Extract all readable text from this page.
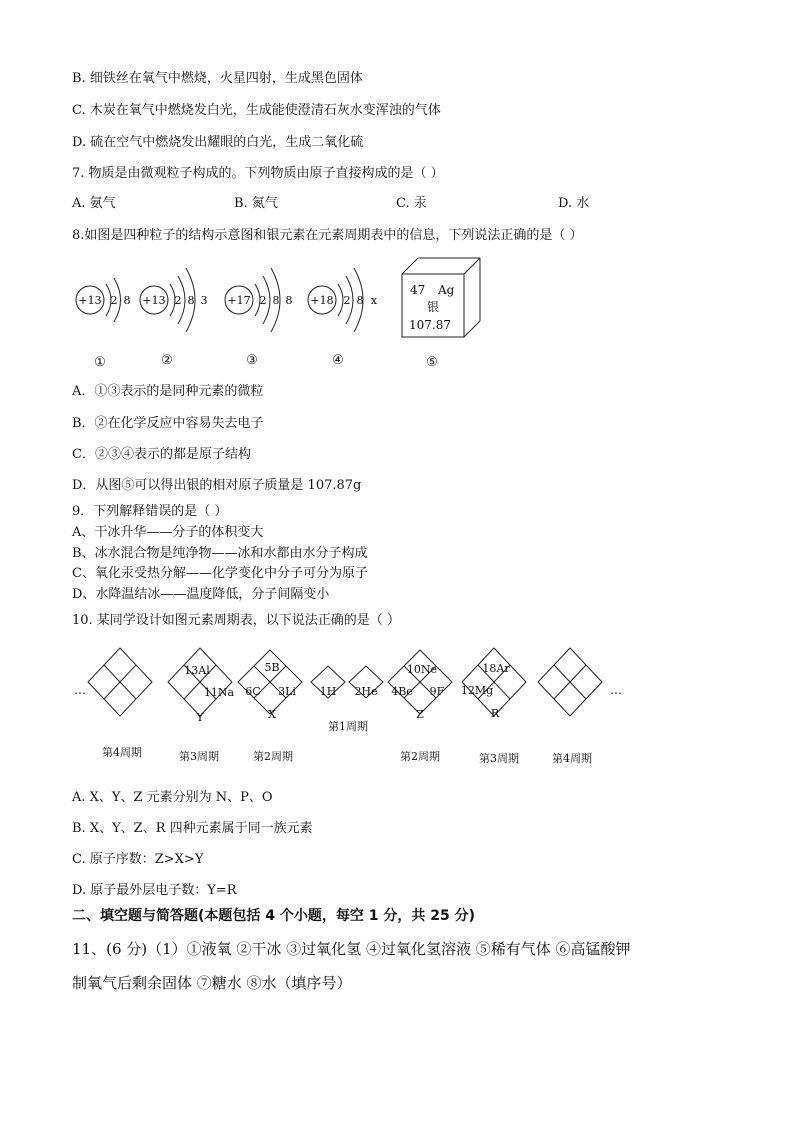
B. 细铁丝在氧气中燃烧，火星四射，生成黑色固体
C. 木炭在氧气中燃烧发白光，生成能使澄清石灰水变浑浊的气体
D. 硫在空气中燃烧发出耀眼的白光，生成二氧化硫
7. 物质是由微观粒子构成的。下列物质由原子直接构成的是（ ）
A. 氨气	B. 氮气	C. 汞	D. 水
8.如图是四种粒子的结构示意图和银元素在元素周期表中的信息，下列说法正确的是（ ）
+13 2 8 +13 2 8 3 +17 2 8 8 +18 2 8 x
47 Ag
银
107.87
①	②	③	④	⑤
A．①③表示的是同种元素的微粒
B．②在化学反应中容易失去电子
C．②③④表示的都是原子结构
D．从图⑤可以得出银的相对原子质量是 107.87g
9．下列解释错误的是（ ）
A、干冰升华——分子的体积变大
B、冰水混合物是纯净物——冰和水都由水分子构成
C、氧化汞受热分解——化学变化中分子可分为原子
D、水降温结冰——温度降低，分子间隔变小
10. 某同学设计如图元素周期表，以下说法正确的是（ ）
…	…
13Al
11Na
Y
5B
6C 3Li
X
1H 2He
10Ne
4Be 9F
Z
18Ar
12Mg
R
第4周期	第3周期	第2周期
第1周期
第2周期	第3周期	第4周期
A. X、Y、Z 元素分别为 N、P、O
B. X、Y、Z、R 四种元素属于同一族元素
C. 原子序数：Z>X>Y
D. 原子最外层电子数：Y=R
二、填空题与简答题(本题包括 4 个小题，每空 1 分，共 25 分)
11、(6 分)（1）①液氧 ②干冰 ③过氧化氢 ④过氧化氢溶液 ⑤稀有气体 ⑥高锰酸钾
制氧气后剩余固体 ⑦糖水 ⑧水（填序号）
